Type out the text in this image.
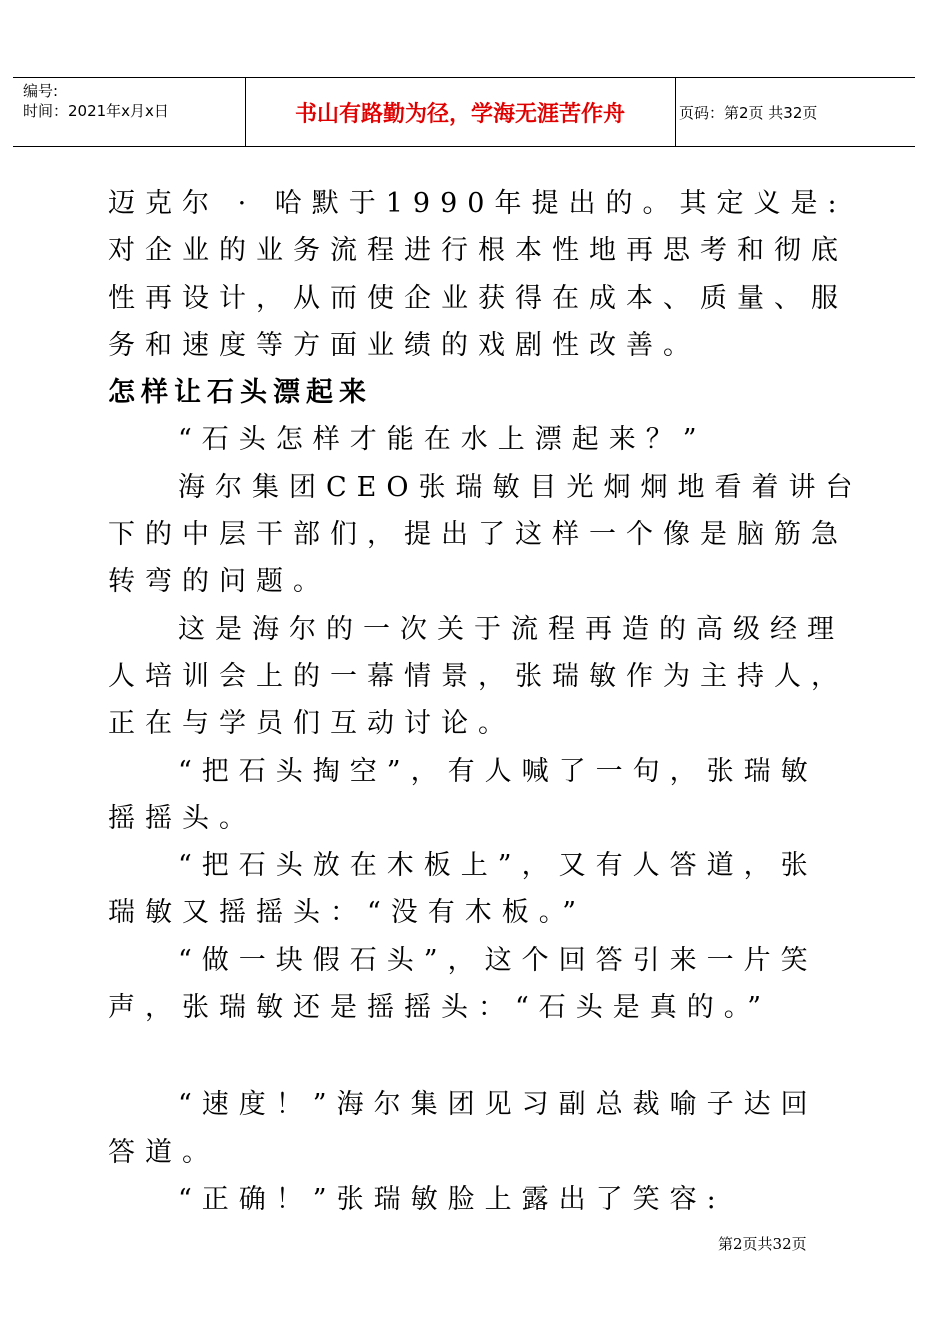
编号:
时间：2021年x月x日	书山有路勤为径，学海无涯苦作舟	页码：第2页 共32页
迈克尔 · 哈默于1990年提出的。其定义是:
对企业的业务流程进行根本性地再思考和彻底
性再设计，从而使企业获得在成本、质量、服
务和速度等方面业绩的戏剧性改善。
怎样让石头漂起来
“石头怎样才能在水上漂起来？”
海尔集团CEO张瑞敏目光炯炯地看着讲台
下的中层干部们，提出了这样一个像是脑筋急
转弯的问题。
这是海尔的一次关于流程再造的高级经理
人培训会上的一幕情景，张瑞敏作为主持人，
正在与学员们互动讨论。
“把石头掏空”，有人喊了一句，张瑞敏
摇摇头。
“把石头放在木板上”，又有人答道，张
瑞敏又摇摇头：“没有木板。”
“做一块假石头”，这个回答引来一片笑
声，张瑞敏还是摇摇头：“石头是真的。”
“速度！”海尔集团见习副总裁喻子达回
答道。
“正确！”张瑞敏脸上露出了笑容:
第2页共32页
